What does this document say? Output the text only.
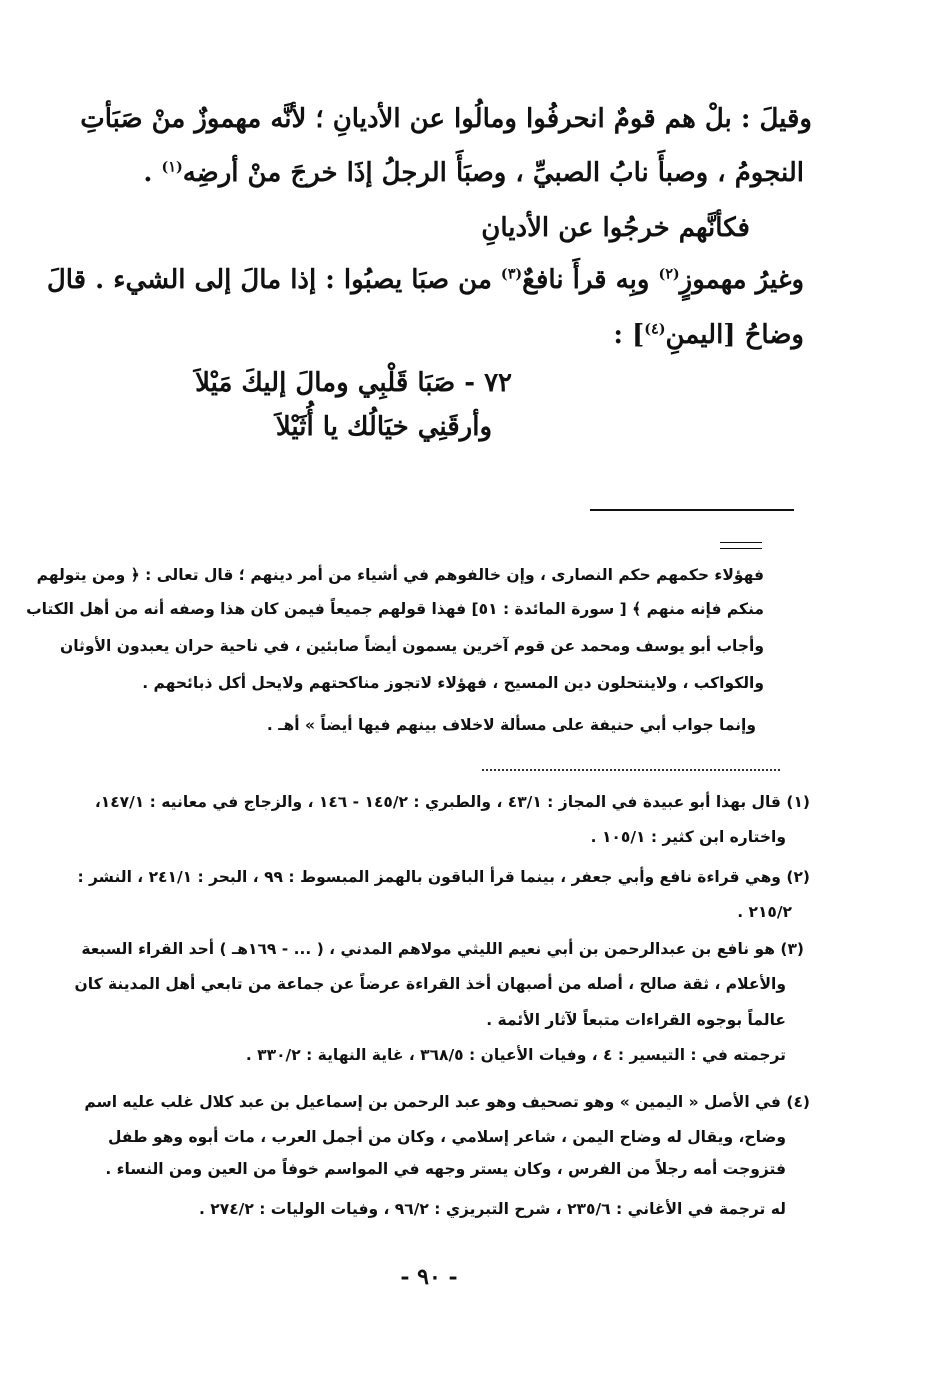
وقيلَ : بلْ هم قومٌ انحرفُوا ومالُوا عن الأديانِ ؛ لأنَّه مهموزٌ منْ صَبَأتِ
النجومُ ، وصبأَ نابُ الصبيِّ ، وصبَأَ الرجلُ إذَا خرجَ منْ أرضِه$^{(١)}$ .
فكأنَّهم خرجُوا عن الأديانِ
وغيرُ مهموزٍ$^{(٢)}$ وبِه قرأَ نافعٌ$^{(٣)}$ من صبَا يصبُوا : إذا مالَ إلى الشيء . قالَ
وضاحُ [اليمنِ$^{(٤)}$] :
٧٢ - صَبَا قَلْبِي ومالَ إليكَ مَيْلاَ
وأرقَنِي خيَالُك يا أُثَيْلاَ
فهؤلاء حكمهم حكم النصارى ، وإن خالفوهم في أشياء من أمر دينهم ؛ قال تعالى : ﴿ ومن يتولهم
منكم فإنه منهم ﴾ [ سورة المائدة : ٥١] فهذا قولهم جميعاً فيمن كان هذا وصفه أنه من أهل الكتاب
وأجاب أبو يوسف ومحمد عن قوم آخرين يسمون أيضاً صابئين ، في ناحية حران يعبدون الأوثان
والكواكب ، ولاينتحلون دين المسيح ، فهؤلاء لاتجوز مناكحتهم ولايحل أكل ذبائحهم .
وإنما جواب أبي حنيفة على مسألة لاخلاف بينهم فيها أيضاً » أهـ .
(١) قال بهذا أبو عبيدة في المجاز : ٤٣/١ ، والطبري : ١٤٥/٢ - ١٤٦ ، والزجاج في معانيه : ١٤٧/١،
واختاره ابن كثير : ١٠٥/١ .
(٢) وهي قراءة نافع وأبي جعفر ، بينما قرأ الباقون بالهمز المبسوط : ٩٩ ، البحر : ٢٤١/١ ، النشر :
٢١٥/٢ .
(٣) هو نافع بن عبدالرحمن بن أبي نعيم الليثي مولاهم المدني ، ( ... - ١٦٩هـ ) أحد القراء السبعة
والأعلام ، ثقة صالح ، أصله من أصبهان أخذ القراءة عرضاً عن جماعة من تابعي أهل المدينة كان
عالماً بوجوه القراءات متبعاً لآثار الأئمة .
ترجمته في : التيسير : ٤ ، وفيات الأعيان : ٣٦٨/٥ ، غاية النهاية : ٣٣٠/٢ .
(٤) في الأصل « اليمين » وهو تصحيف وهو عبد الرحمن بن إسماعيل بن عبد كلال غلب عليه اسم
وضاح، ويقال له وضاح اليمن ، شاعر إسلامي ، وكان من أجمل العرب ، مات أبوه وهو طفل
فتزوجت أمه رجلاً من الفرس ، وكان يستر وجهه في المواسم خوفاً من العين ومن النساء .
له ترجمة في الأغاني : ٢٣٥/٦ ، شرح التبريزي : ٩٦/٢ ، وفيات الوليات : ٢٧٤/٢ .
- ٩٠ -
